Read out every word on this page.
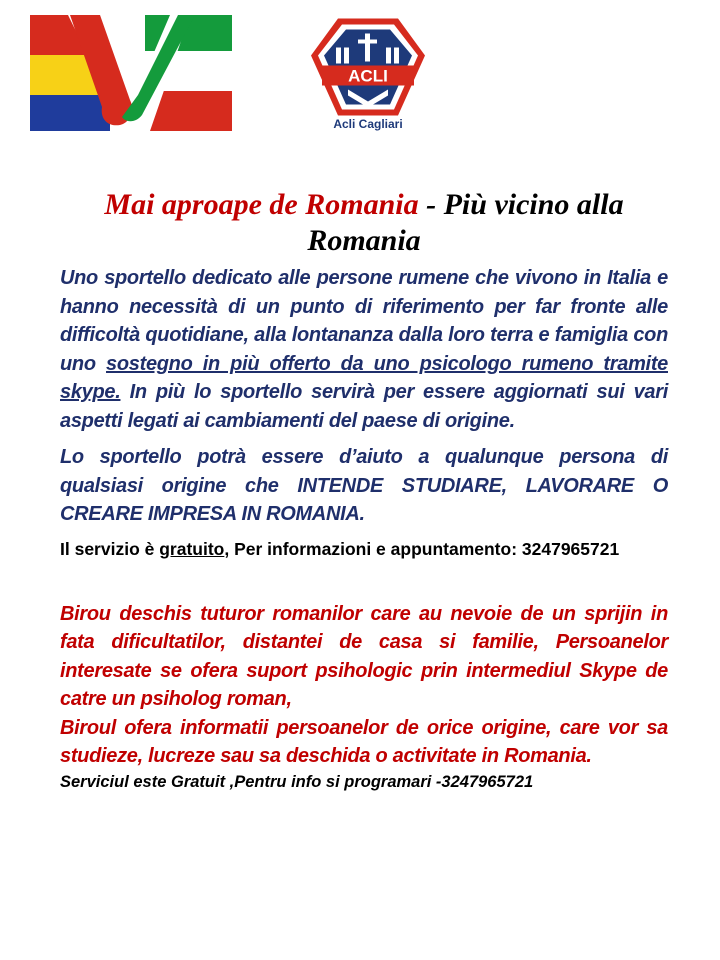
ACLI
Acli Cagliari
Mai aproape de Romania - Più vicino alla Romania

Uno sportello dedicato alle persone rumene che vivono in Italia e hanno necessità di un punto di riferimento per far fronte alle difficoltà quotidiane, alla lontananza dalla loro terra e famiglia con uno sostegno in più offerto da uno psicologo rumeno tramite skype. In più lo sportello servirà per essere aggiornati sui vari aspetti legati ai cambiamenti del paese di origine.

Lo sportello potrà essere d’aiuto a qualunque persona di qualsiasi origine che INTENDE STUDIARE, LAVORARE O CREARE IMPRESA IN ROMANIA.

Il servizio è gratuito, Per informazioni e appuntamento: 3247965721

Birou deschis tuturor romanilor care au nevoie de un sprijin in fata dificultatilor, distantei de casa si familie, Persoanelor interesate se ofera suport psihologic prin intermediul Skype de catre un psiholog roman,

Biroul ofera informatii persoanelor de orice origine, care vor sa studieze, lucreze sau sa deschida o activitate in Romania.

Serviciul este Gratuit ,Pentru info si programari -3247965721
